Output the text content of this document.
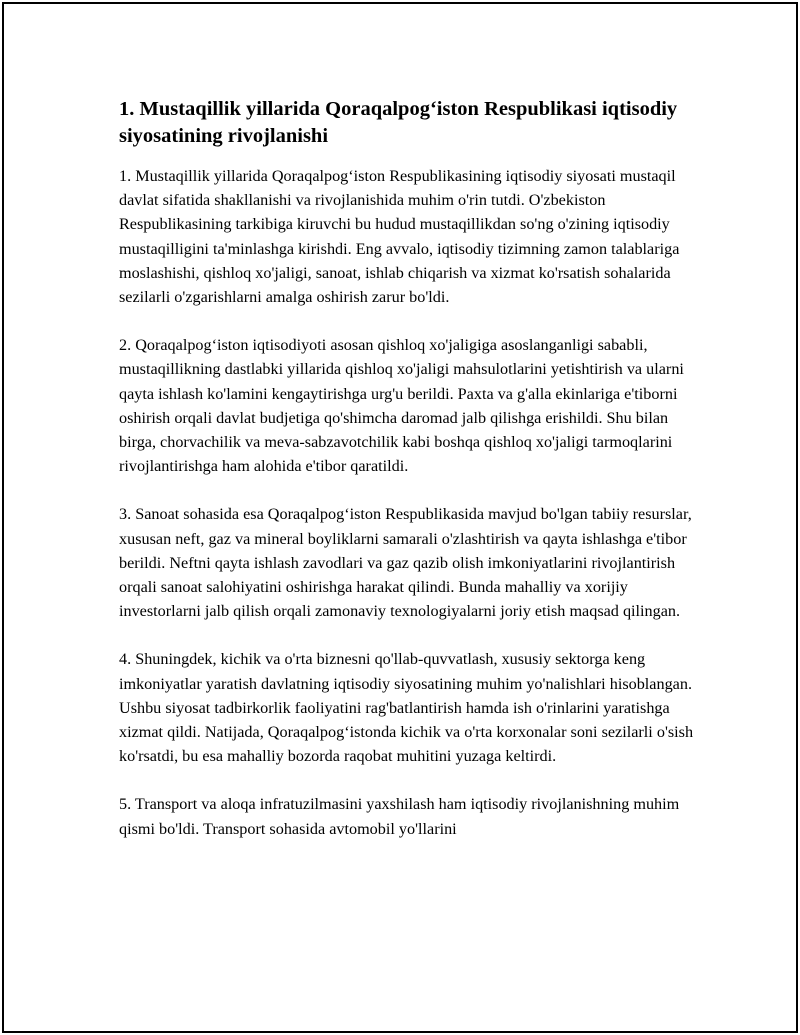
1. Mustaqillik yillarida Qoraqalpog‘iston Respublikasi iqtisodiy siyosatining rivojlanishi

1. Mustaqillik yillarida Qoraqalpog‘iston Respublikasining iqtisodiy siyosati mustaqil davlat sifatida shakllanishi va rivojlanishida muhim o'rin tutdi. O'zbekiston Respublikasining tarkibiga kiruvchi bu hudud mustaqillikdan so'ng o'zining iqtisodiy mustaqilligini ta'minlashga kirishdi. Eng avvalo, iqtisodiy tizimning zamon talablariga moslashishi, qishloq xo'jaligi, sanoat, ishlab chiqarish va xizmat ko'rsatish sohalarida sezilarli o'zgarishlarni amalga oshirish zarur bo'ldi.

2. Qoraqalpog‘iston iqtisodiyoti asosan qishloq xo'jaligiga asoslanganligi sababli, mustaqillikning dastlabki yillarida qishloq xo'jaligi mahsulotlarini yetishtirish va ularni qayta ishlash ko'lamini kengaytirishga urg'u berildi. Paxta va g'alla ekinlariga e'tiborni oshirish orqali davlat budjetiga qo'shimcha daromad jalb qilishga erishildi. Shu bilan birga, chorvachilik va meva-sabzavotchilik kabi boshqa qishloq xo'jaligi tarmoqlarini rivojlantirishga ham alohida e'tibor qaratildi.

3. Sanoat sohasida esa Qoraqalpog‘iston Respublikasida mavjud bo'lgan tabiiy resurslar, xususan neft, gaz va mineral boyliklarni samarali o'zlashtirish va qayta ishlashga e'tibor berildi. Neftni qayta ishlash zavodlari va gaz qazib olish imkoniyatlarini rivojlantirish orqali sanoat salohiyatini oshirishga harakat qilindi. Bunda mahalliy va xorijiy investorlarni jalb qilish orqali zamonaviy texnologiyalarni joriy etish maqsad qilingan.

4. Shuningdek, kichik va o'rta biznesni qo'llab-quvvatlash, xususiy sektorga keng imkoniyatlar yaratish davlatning iqtisodiy siyosatining muhim yo'nalishlari hisoblangan. Ushbu siyosat tadbirkorlik faoliyatini rag'batlantirish hamda ish o'rinlarini yaratishga xizmat qildi. Natijada, Qoraqalpog‘istonda kichik va o'rta korxonalar soni sezilarli o'sish ko'rsatdi, bu esa mahalliy bozorda raqobat muhitini yuzaga keltirdi.

5. Transport va aloqa infratuzilmasini yaxshilash ham iqtisodiy rivojlanishning muhim qismi bo'ldi. Transport sohasida avtomobil yo'llarini
